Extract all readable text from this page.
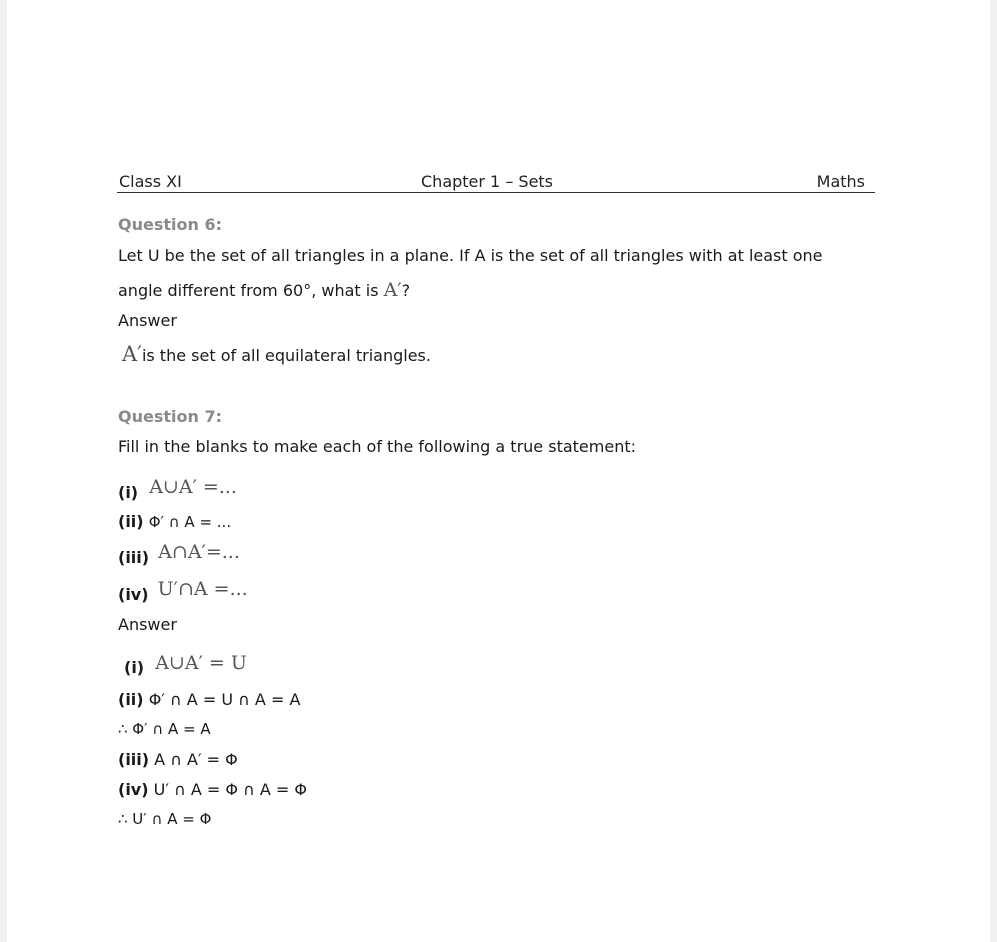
Class XI	Chapter 1 – Sets	Maths
Question 6:
Let U be the set of all triangles in a plane. If A is the set of all triangles with at least one
angle different from 60°, what is A′?
Answer
A′is the set of all equilateral triangles.
Question 7:
Fill in the blanks to make each of the following a true statement:
(i) A∪A′ =...
(ii) Φ′ ∩ A = ...
(iii) A∩A′=...
(iv) U′∩A =...
Answer
(i) A∪A′ = U
(ii) Φ′ ∩ A = U ∩ A = A
∴ Φ′ ∩ A = A
(iii) A ∩ A′ = Φ
(iv) U′ ∩ A = Φ ∩ A = Φ
∴ U′ ∩ A = Φ
